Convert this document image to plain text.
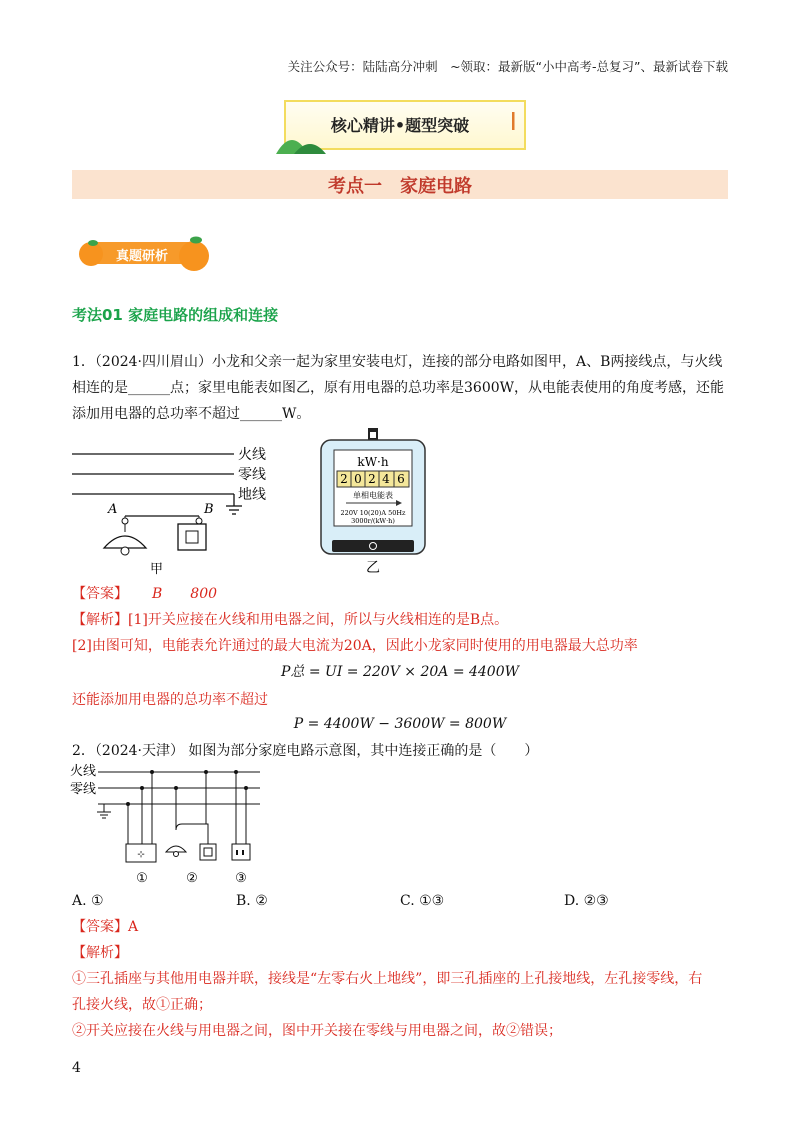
关注公众号：陆陆高分冲刺　~领取：最新版“小中高考-总复习”、最新试卷下载
核心精讲•题型突破
考点一　家庭电路
真题研析
考法01 家庭电路的组成和连接
1．（2024·四川眉山）小龙和父亲一起为家里安装电灯，连接的部分电路如图甲，A、B两接线点，与火线
相连的是______点；家里电能表如图乙，原有用电器的总功率是3600W，从电能表使用的角度考感，还能
添加用电器的总功率不超过______W。
火线
零线
地线
A	B
甲
kW·h
2 0 2 4 6
单相电能表
220V 10(20)A 50Hz
3000r/(kW·h)
乙
【答案】 B　　800
【解析】[1]开关应接在火线和用电器之间，所以与火线相连的是B点。
[2]由图可知，电能表允许通过的最大电流为20A，因此小龙家同时使用的用电器最大总功率
P总 = UI = 220V × 20A = 4400W
还能添加用电器的总功率不超过
P = 4400W − 3600W = 800W
2．（2024·天津） 如图为部分家庭电路示意图，其中连接正确的是（　　）
火线
零线
⊹
①	②	③
A. ①	B. ②	C. ①③	D. ②③
【答案】A
【解析】
①三孔插座与其他用电器并联，接线是“左零右火上地线”，即三孔插座的上孔接地线，左孔接零线，右
孔接火线，故①正确；
②开关应接在火线与用电器之间，图中开关接在零线与用电器之间，故②错误；
4
